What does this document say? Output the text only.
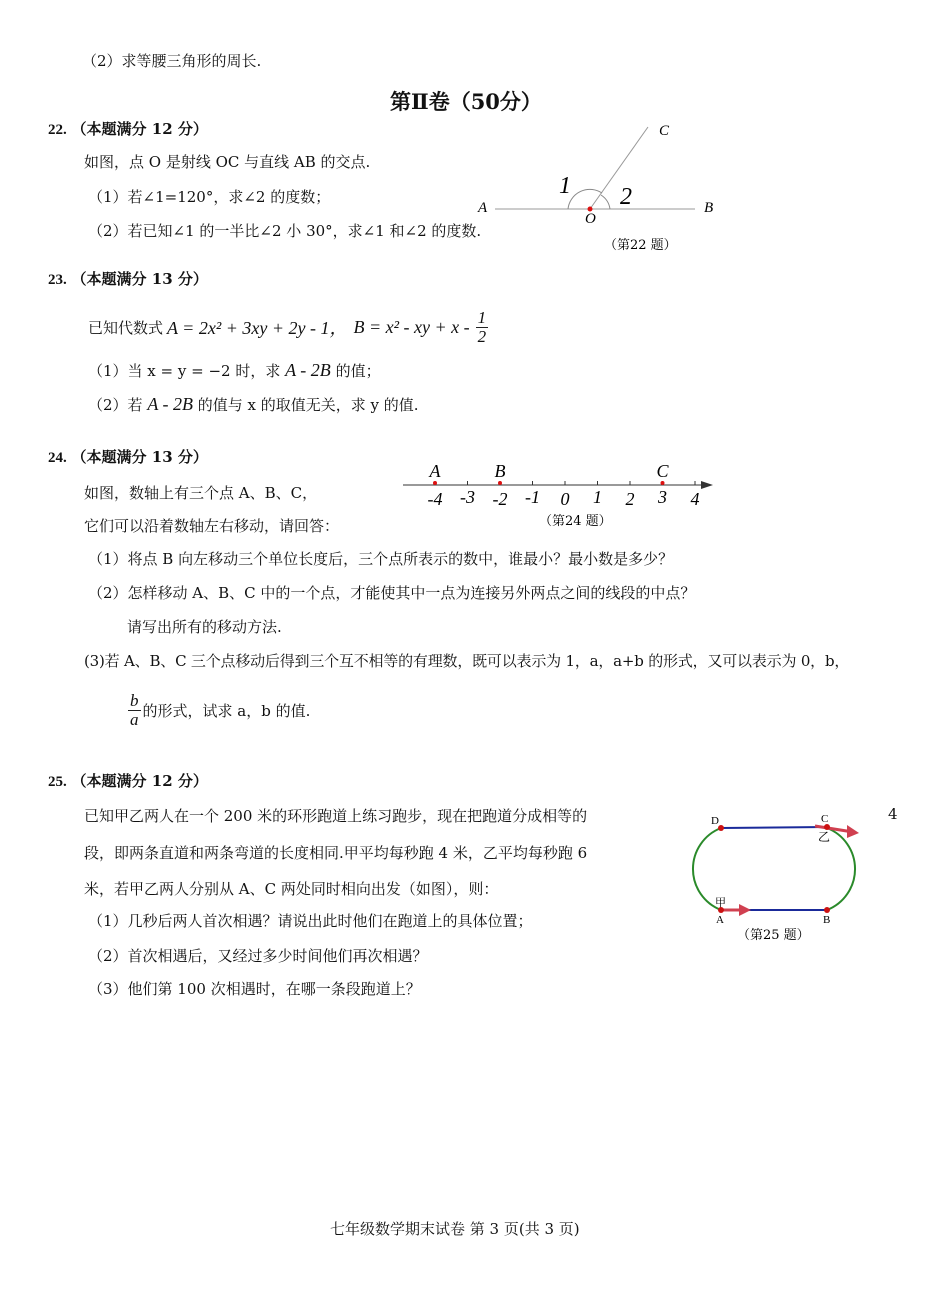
（2）求等腰三角形的周长.
第Ⅱ卷（50分）
22. （本题满分 12 分）
如图，点 O 是射线 OC 与直线 AB 的交点.
（1）若∠1=120°，求∠2 的度数；
（2）若已知∠1 的一半比∠2 小 30°，求∠1 和∠2 的度数.
A	B
C
O
1 2
（第22 题）
23. （本题满分 13 分）
已知代数式 A = 2x² + 3xy + 2y - 1， B = x² - xy + x - $\frac{1}{2}$
（1）当 x = y = −2 时，求 A - 2B 的值；
（2）若 A - 2B 的值与 x 的取值无关，求 y 的值.
24. （本题满分 13 分）
如图，数轴上有三个点 A、B、C，
它们可以沿着数轴左右移动，请回答：
-4 -3 -2 -1 0 1 2 3 4
A	B	C
（第24 题）
（1）将点 B 向左移动三个单位长度后，三个点所表示的数中，谁最小？最小数是多少？
（2）怎样移动 A、B、C 中的一个点，才能使其中一点为连接另外两点之间的线段的中点？
请写出所有的移动方法.
(3)若 A、B、C 三个点移动后得到三个互不相等的有理数，既可以表示为 1，a，a+b 的形式，又可以表示为 0，b，
$\frac{b}{a}$ 的形式，试求 a，b 的值.
25. （本题满分 12 分）
已知甲乙两人在一个 200 米的环形跑道上练习跑步，现在把跑道分成相等的	4
段，即两条直道和两条弯道的长度相同.甲平均每秒跑 4 米，乙平均每秒跑 6
米，若甲乙两人分别从 A、C 两处同时相向出发（如图），则：
（1）几秒后两人首次相遇？请说出此时他们在跑道上的具体位置；
（2）首次相遇后，又经过多少时间他们再次相遇？
（3）他们第 100 次相遇时，在哪一条段跑道上？
D	C
乙
甲
A	B
（第25 题）
七年级数学期末试卷 第 3 页(共 3 页)
